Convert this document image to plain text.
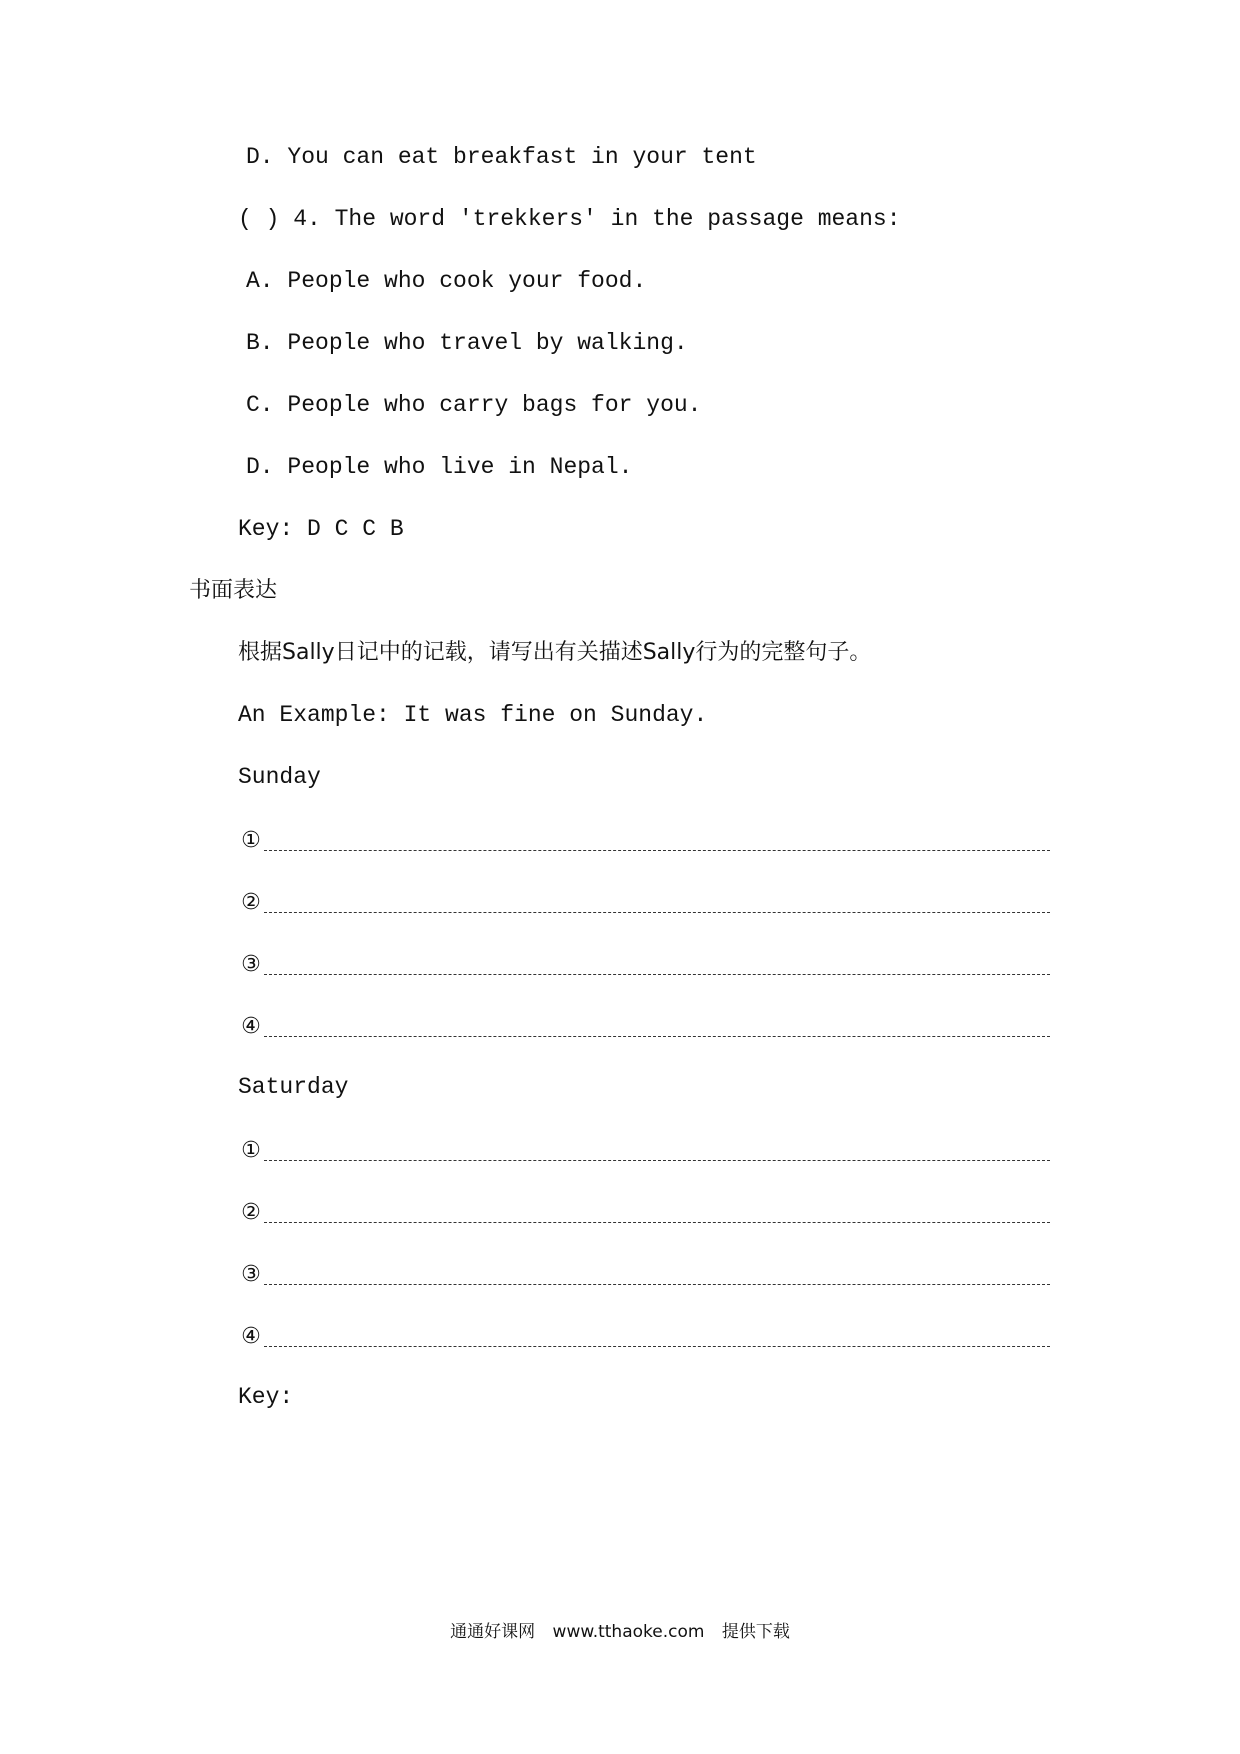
D. You can eat breakfast in your tent
( ) 4. The word 'trekkers' in the passage means:
A. People who cook your food.
B. People who travel by walking.
C. People who carry bags for you.
D. People who live in Nepal.
Key: D C C B
书面表达
根据Sally日记中的记载，请写出有关描述Sally行为的完整句子。
An Example: It was fine on Sunday.
Sunday
①
②
③
④
Saturday
①
②
③
④
Key:
通通好课网 www.tthaoke.com 提供下载
